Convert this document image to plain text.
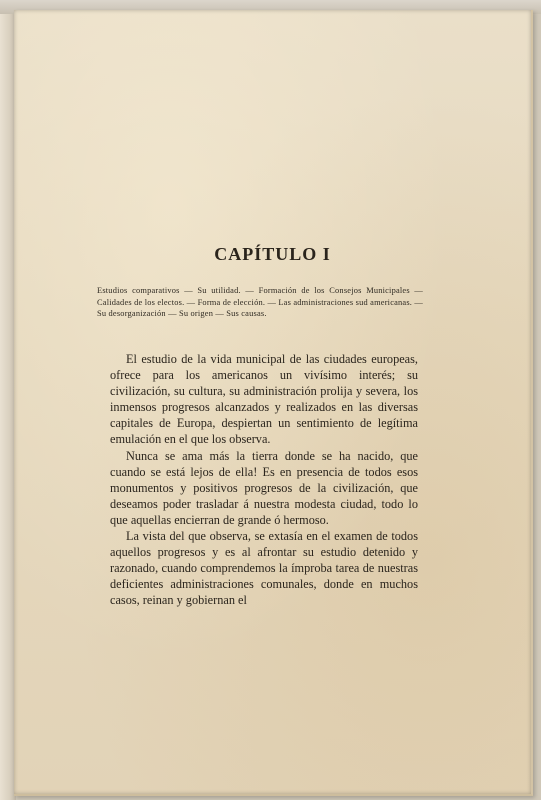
CAPÍTULO I

Estudios comparativos — Su utilidad. — Formación de los Consejos Municipales — Calidades de los electos. — Forma de elección. — Las administraciones sud americanas. — Su desorganización — Su origen — Sus causas.

El estudio de la vida municipal de las ciudades europeas, ofrece para los americanos un vivísimo interés; su civilización, su cultura, su administración prolija y severa, los inmensos progresos alcanzados y realizados en las diversas capitales de Europa, despiertan un sentimiento de legítima emulación en el que los observa.

Nunca se ama más la tierra donde se ha nacido, que cuando se está lejos de ella! Es en presencia de todos esos monumentos y positivos progresos de la civilización, que deseamos poder trasladar á nuestra modesta ciudad, todo lo que aquellas encierran de grande ó hermoso.

La vista del que observa, se extasía en el examen de todos aquellos progresos y es al afrontar su estudio detenido y razonado, cuando comprendemos la ímproba tarea de nuestras deficientes administraciones comunales, donde en muchos casos, reinan y gobiernan el
